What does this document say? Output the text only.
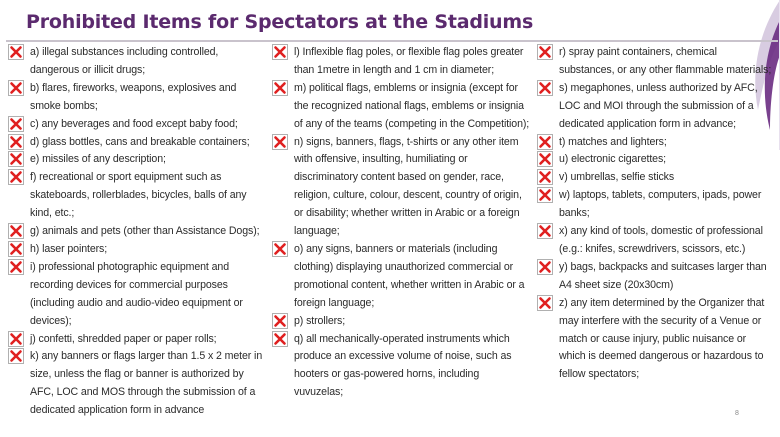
Prohibited Items for Spectators at the Stadiums
a) illegal substances including controlled, dangerous or illicit drugs;
b) flares, fireworks, weapons, explosives and smoke bombs;
c) any beverages and food except baby food;
d) glass bottles, cans and breakable containers;
e) missiles of any description;
f) recreational or sport equipment such as skateboards, rollerblades, bicycles, balls of any kind, etc.;
g) animals and pets (other than Assistance Dogs);
h) laser pointers;
i) professional photographic equipment and recording devices for commercial purposes (including audio and audio-video equipment or devices);
j) confetti, shredded paper or paper rolls;
k) any banners or flags larger than 1.5 x 2 meter in size, unless the flag or banner is authorized by AFC, LOC and MOS through the submission of a dedicated application form in advance
l) Inflexible flag poles, or flexible flag poles greater than 1metre in length and 1 cm in diameter;
m) political flags, emblems or insignia (except for the recognized national flags, emblems or insignia of any of the teams (competing in the Competition);
n) signs, banners, flags, t-shirts or any other item with offensive, insulting, humiliating or discriminatory content based on gender, race, religion, culture, colour, descent, country of origin, or disability; whether written in Arabic or a foreign language;
o) any signs, banners or materials (including clothing) displaying unauthorized commercial or promotional content, whether written in Arabic or a foreign language;
p) strollers;
q) all mechanically-operated instruments which produce an excessive volume of noise, such as hooters or gas-powered horns, including vuvuzelas;
r) spray paint containers, chemical substances, or any other flammable materials;
s) megaphones, unless authorized by AFC, LOC and MOI through the submission of a dedicated application form in advance;
t) matches and lighters;
u) electronic cigarettes;
v) umbrellas, selfie sticks
w) laptops, tablets, computers, ipads, power banks;
x) any kind of tools, domestic of professional (e.g.: knifes, screwdrivers, scissors, etc.)
y) bags, backpacks and suitcases larger than A4 sheet size (20x30cm)
z) any item determined by the Organizer that may interfere with the security of a Venue or match or cause injury, public nuisance or which is deemed dangerous or hazardous to fellow spectators;
8
